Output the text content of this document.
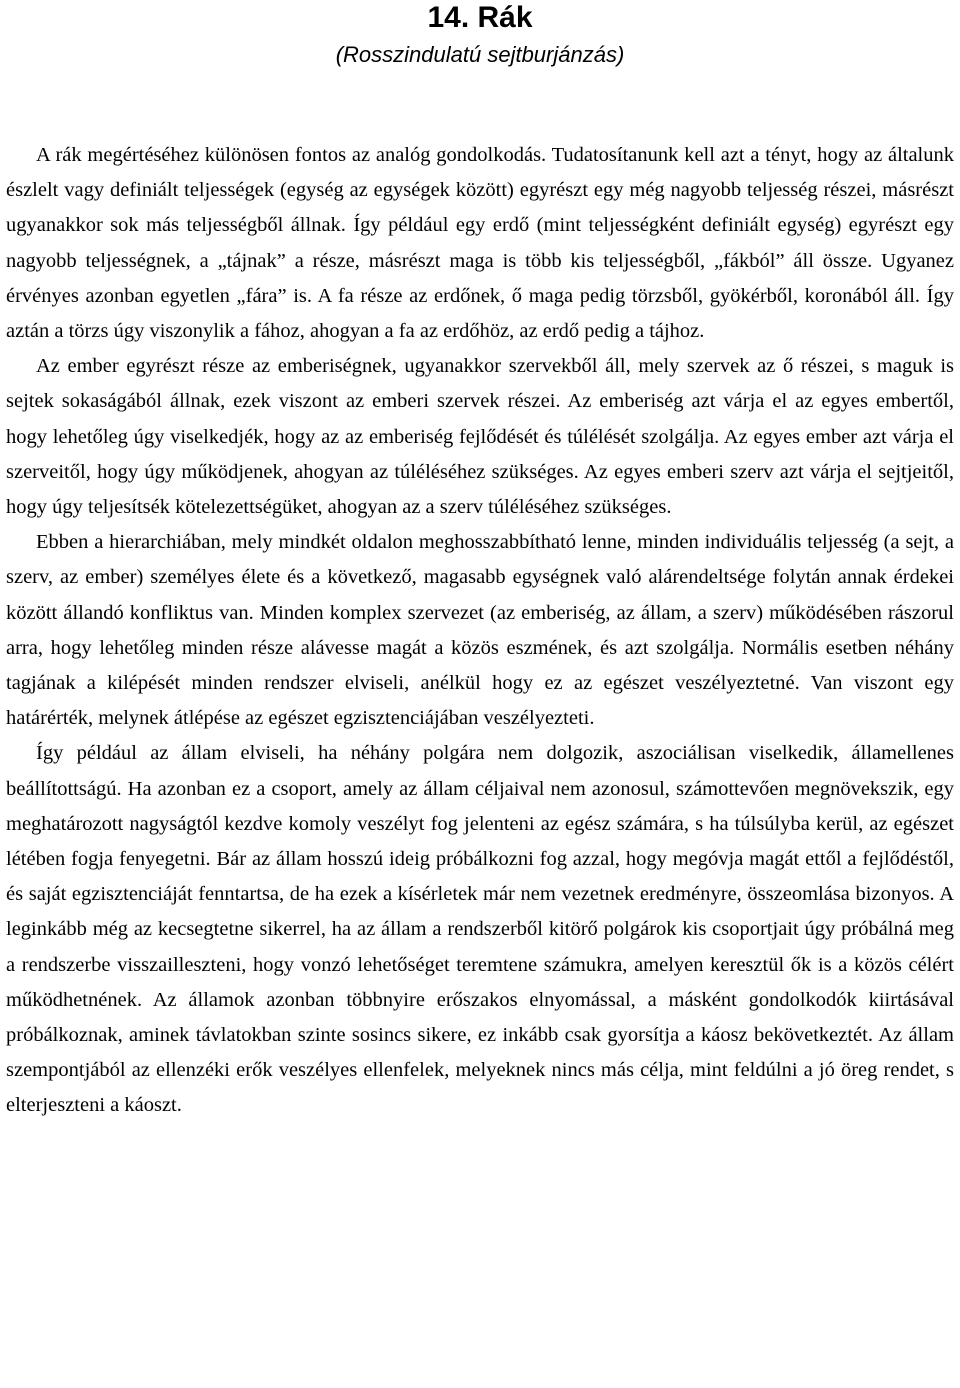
14. Rák
(Rosszindulatú sejtburjánzás)

A rák megértéséhez különösen fontos az analóg gondolkodás. Tudatosítanunk kell azt a tényt, hogy az általunk észlelt vagy definiált teljességek (egység az egységek között) egyrészt egy még nagyobb teljesség részei, másrészt ugyanakkor sok más teljességből állnak. Így például egy erdő (mint teljességként definiált egység) egyrészt egy nagyobb teljességnek, a „tájnak” a része, másrészt maga is több kis teljességből, „fákból” áll össze. Ugyanez érvényes azonban egyetlen „fára” is. A fa része az erdőnek, ő maga pedig törzsből, gyökérből, koronából áll. Így aztán a törzs úgy viszonylik a fához, ahogyan a fa az erdőhöz, az erdő pedig a tájhoz.

Az ember egyrészt része az emberiségnek, ugyanakkor szervekből áll, mely szervek az ő részei, s maguk is sejtek sokaságából állnak, ezek viszont az emberi szervek részei. Az emberiség azt várja el az egyes embertől, hogy lehetőleg úgy viselkedjék, hogy az az emberiség fejlődését és túlélését szolgálja. Az egyes ember azt várja el szerveitől, hogy úgy működjenek, ahogyan az túléléséhez szükséges. Az egyes emberi szerv azt várja el sejtjeitől, hogy úgy teljesítsék kötelezettségüket, ahogyan az a szerv túléléséhez szükséges.

Ebben a hierarchiában, mely mindkét oldalon meghosszabbítható lenne, minden individuális teljesség (a sejt, a szerv, az ember) személyes élete és a következő, magasabb egységnek való alárendeltsége folytán annak érdekei között állandó konfliktus van. Minden komplex szervezet (az emberiség, az állam, a szerv) működésében rászorul arra, hogy lehetőleg minden része alávesse magát a közös eszmének, és azt szolgálja. Normális esetben néhány tagjának a kilépését minden rendszer elviseli, anélkül hogy ez az egészet veszélyeztetné. Van viszont egy határérték, melynek átlépése az egészet egzisztenciájában veszélyezteti.

Így például az állam elviseli, ha néhány polgára nem dolgozik, aszociálisan viselkedik, államellenes beállítottságú. Ha azonban ez a csoport, amely az állam céljaival nem azonosul, számottevően megnövekszik, egy meghatározott nagyságtól kezdve komoly veszélyt fog jelenteni az egész számára, s ha túlsúlyba kerül, az egészet létében fogja fenyegetni. Bár az állam hosszú ideig próbálkozni fog azzal, hogy megóvja magát ettől a fejlődéstől, és saját egzisztenciáját fenntartsa, de ha ezek a kísérletek már nem vezetnek eredményre, összeomlása bizonyos. A leginkább még az kecsegtetne sikerrel, ha az állam a rendszerből kitörő polgárok kis csoportjait úgy próbálná meg a rendszerbe visszailleszteni, hogy vonzó lehetőséget teremtene számukra, amelyen keresztül ők is a közös célért működhetnének. Az államok azonban többnyire erőszakos elnyomással, a másként gondolkodók kiirtásával próbálkoznak, aminek távlatokban szinte sosincs sikere, ez inkább csak gyorsítja a káosz bekövetkeztét. Az állam szempontjából az ellenzéki erők veszélyes ellenfelek, melyeknek nincs más célja, mint feldúlni a jó öreg rendet, s elterjeszteni a káoszt.
